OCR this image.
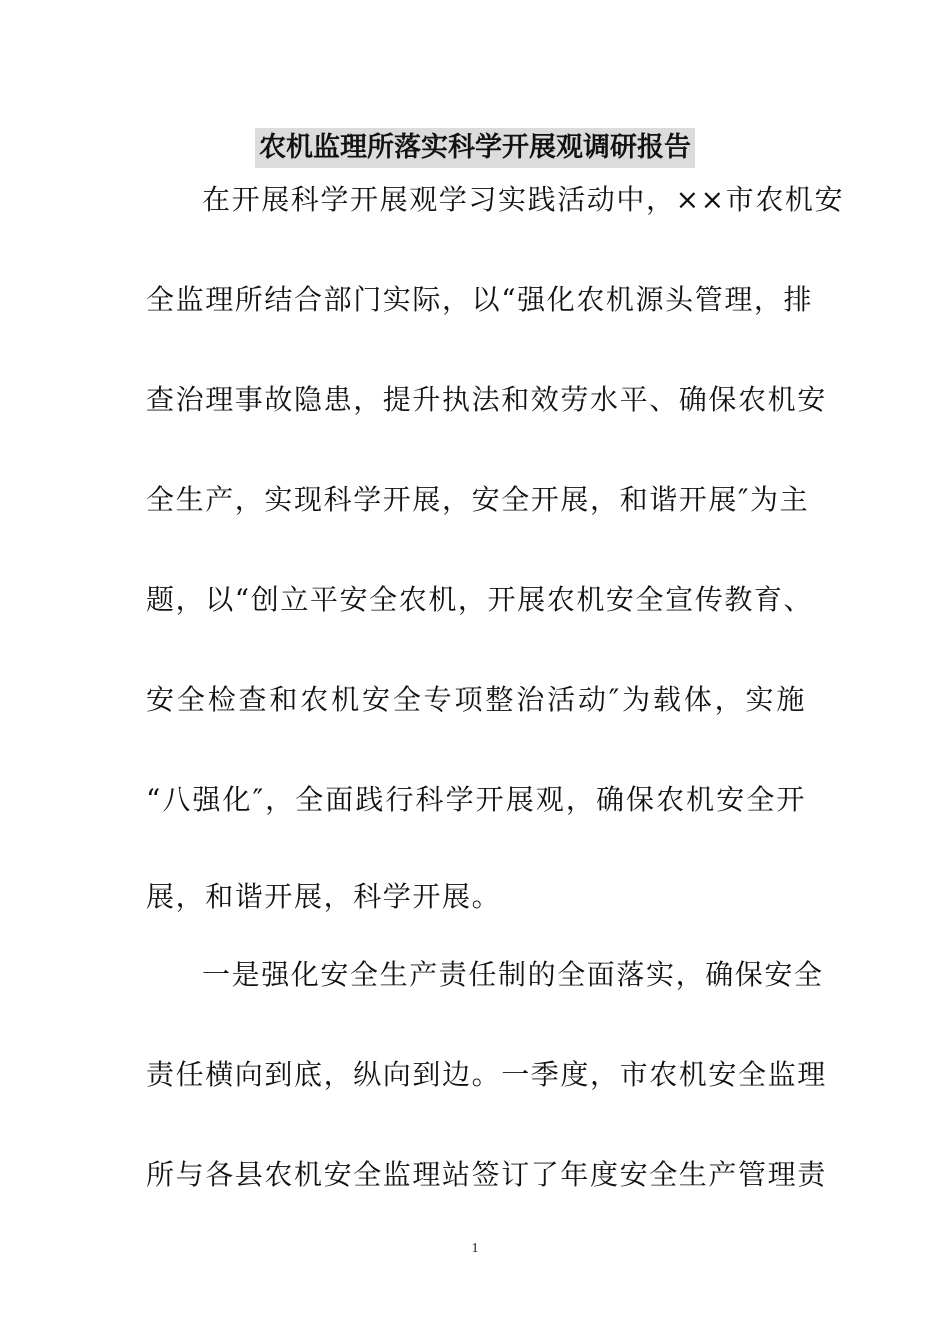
农机监理所落实科学开展观调研报告
在开展科学开展观学习实践活动中，××市农机安
全监理所结合部门实际，以“强化农机源头管理，排
查治理事故隐患，提升执法和效劳水平、确保农机安
全生产，实现科学开展，安全开展，和谐开展″为主
题，以“创立平安全农机，开展农机安全宣传教育、
安全检查和农机安全专项整治活动″为载体，实施
“八强化″，全面践行科学开展观，确保农机安全开
展，和谐开展，科学开展。
一是强化安全生产责任制的全面落实，确保安全
责任横向到底，纵向到边。一季度，市农机安全监理
所与各县农机安全监理站签订了年度安全生产管理责
1
